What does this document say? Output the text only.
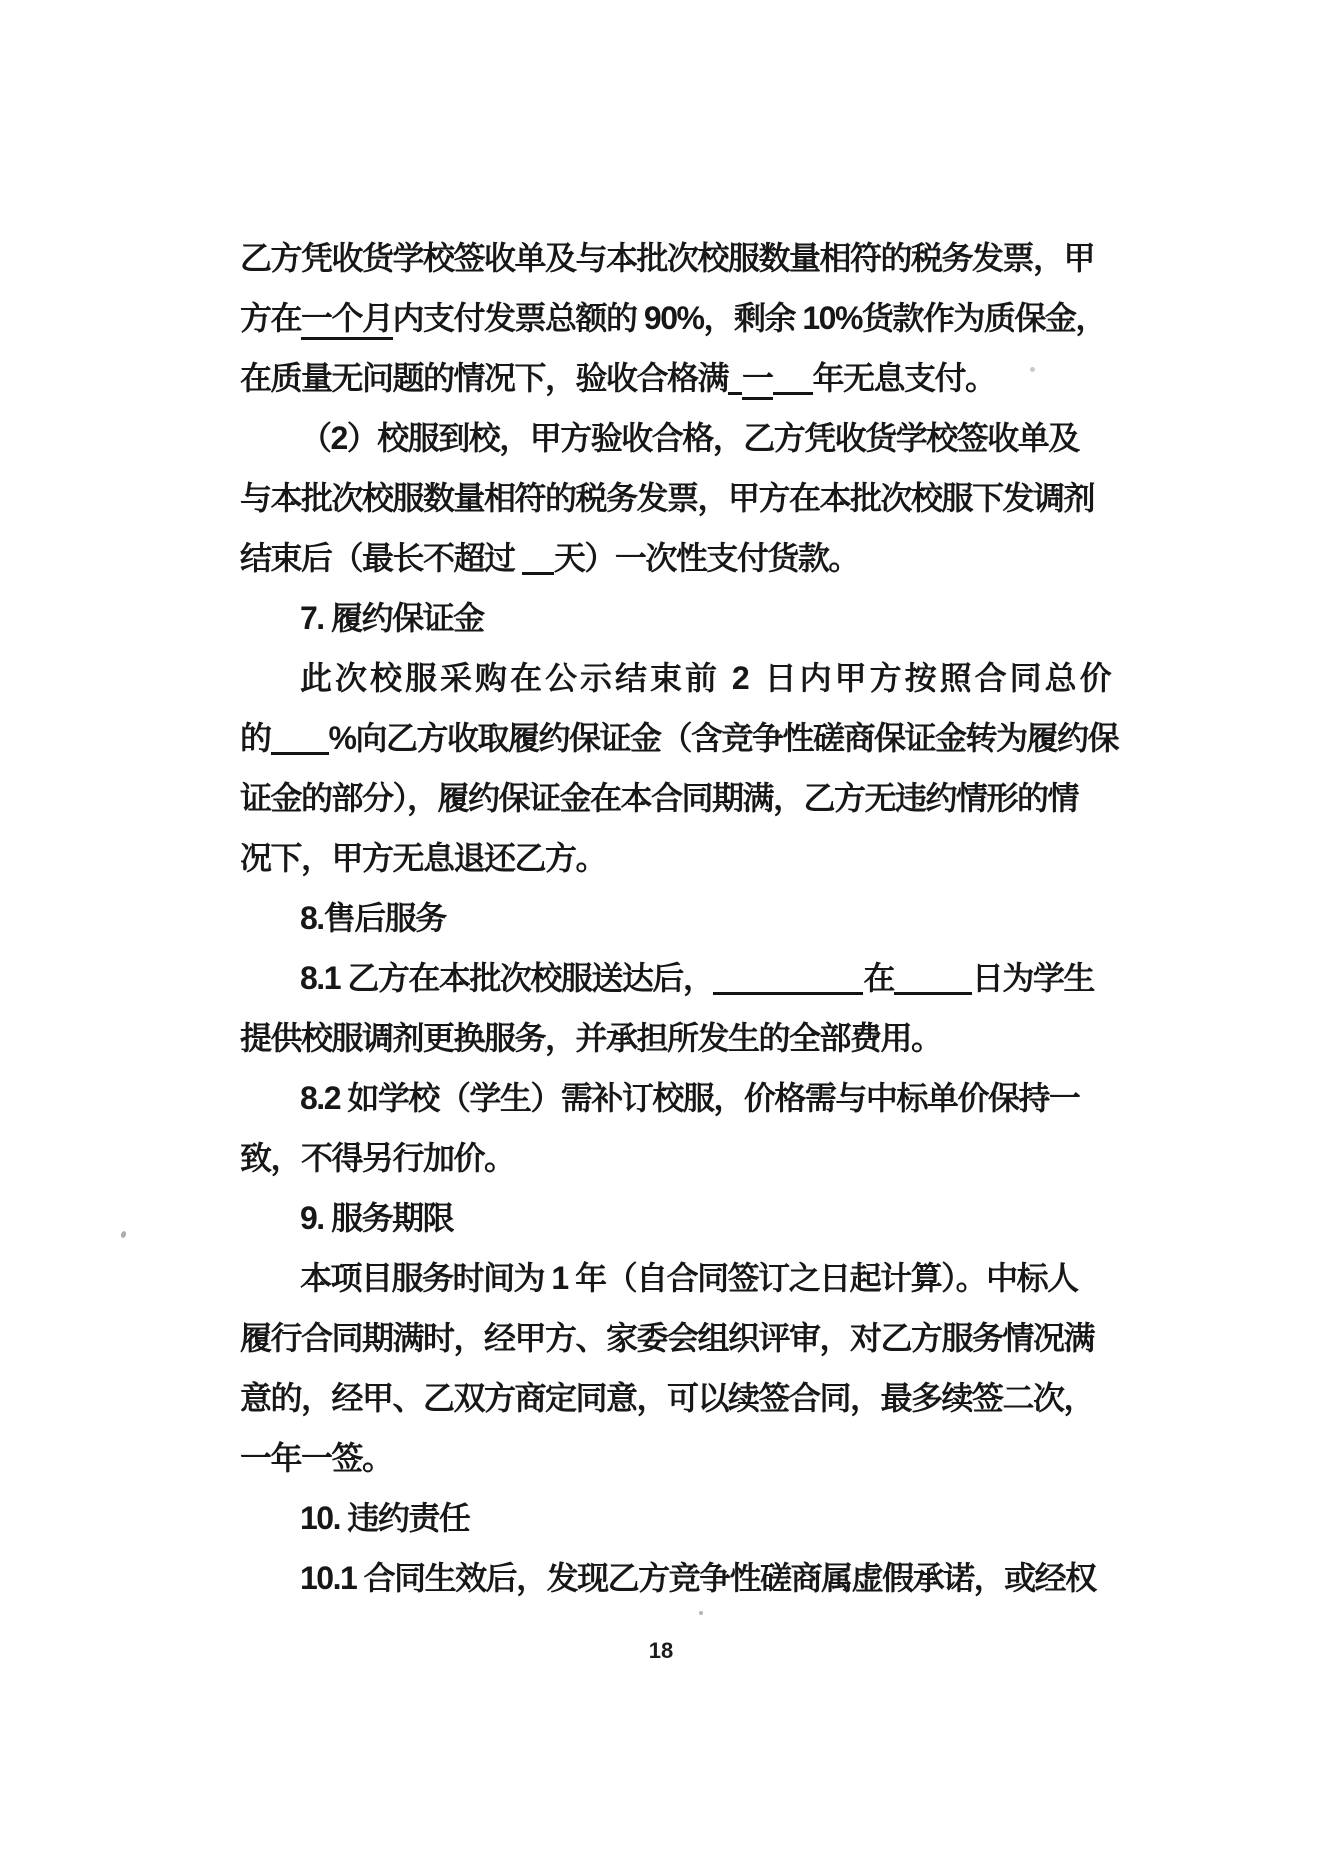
乙方凭收货学校签收单及与本批次校服数量相符的税务发票，甲
方在一个月内支付发票总额的 90%，剩余 10%货款作为质保金，
在质量无问题的情况下，验收合格满 一 年无息支付。
（2）校服到校，甲方验收合格，乙方凭收货学校签收单及
与本批次校服数量相符的税务发票，甲方在本批次校服下发调剂
结束后（最长不超过 天）一次性支付货款。
7. 履约保证金
此次校服采购在公示结束前 2 日内甲方按照合同总价
的 %向乙方收取履约保证金（含竞争性磋商保证金转为履约保
证金的部分），履约保证金在本合同期满，乙方无违约情形的情
况下，甲方无息退还乙方。
8.售后服务
8.1 乙方在本批次校服送达后，	在 日为学生
提供校服调剂更换服务，并承担所发生的全部费用。
8.2 如学校（学生）需补订校服，价格需与中标单价保持一
致，不得另行加价。
9. 服务期限
本项目服务时间为 1 年（自合同签订之日起计算）。中标人
履行合同期满时，经甲方、家委会组织评审，对乙方服务情况满
意的，经甲、乙双方商定同意，可以续签合同，最多续签二次，
一年一签。
10. 违约责任
10.1 合同生效后，发现乙方竞争性磋商属虚假承诺，或经权
18
